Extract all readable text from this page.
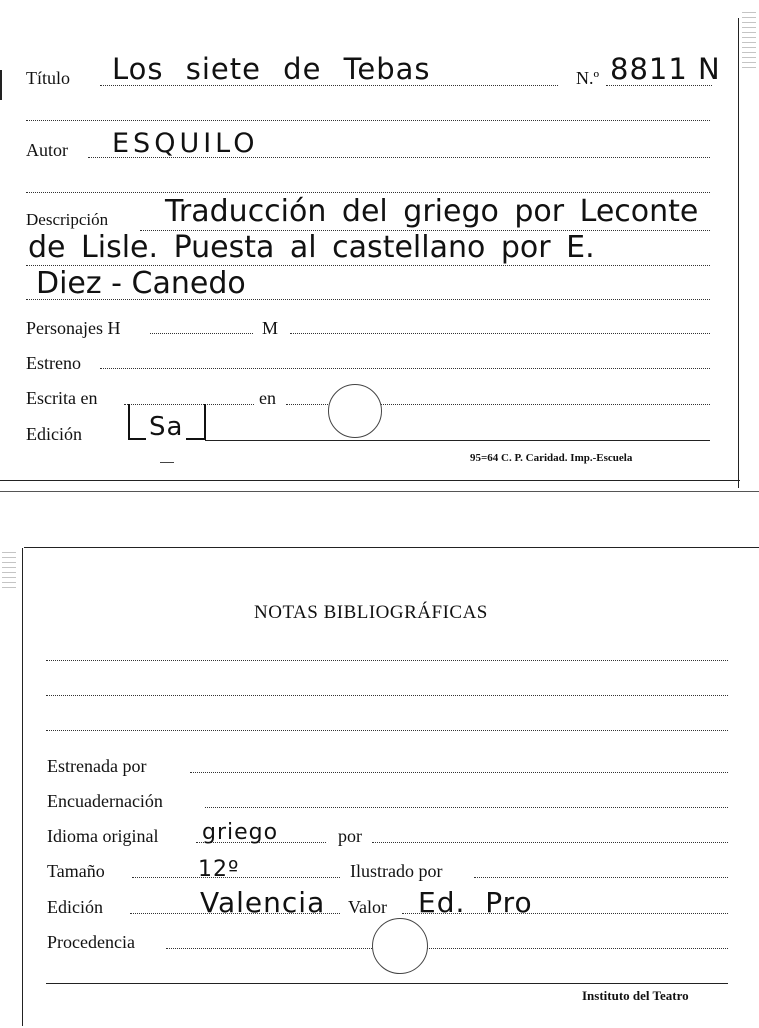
Título Los siete de Tebas	N.º 8811 N
Autor ESQUILO
Descripción Traducción del griego por Leconte
de Lisle. Puesta al castellano por E.
Diez - Canedo
Personajes H	M
Estreno
Escrita en	en
Edición	Sa
95=64 C. P. Caridad. Imp.-Escuela
NOTAS BIBLIOGRÁFICAS
Estrenada por
Encuadernación
Idioma original griego	por
Tamaño	12º	Ilustrado por
Edición	Valencia Valor Ed. Pro
Procedencia
Instituto del Teatro
